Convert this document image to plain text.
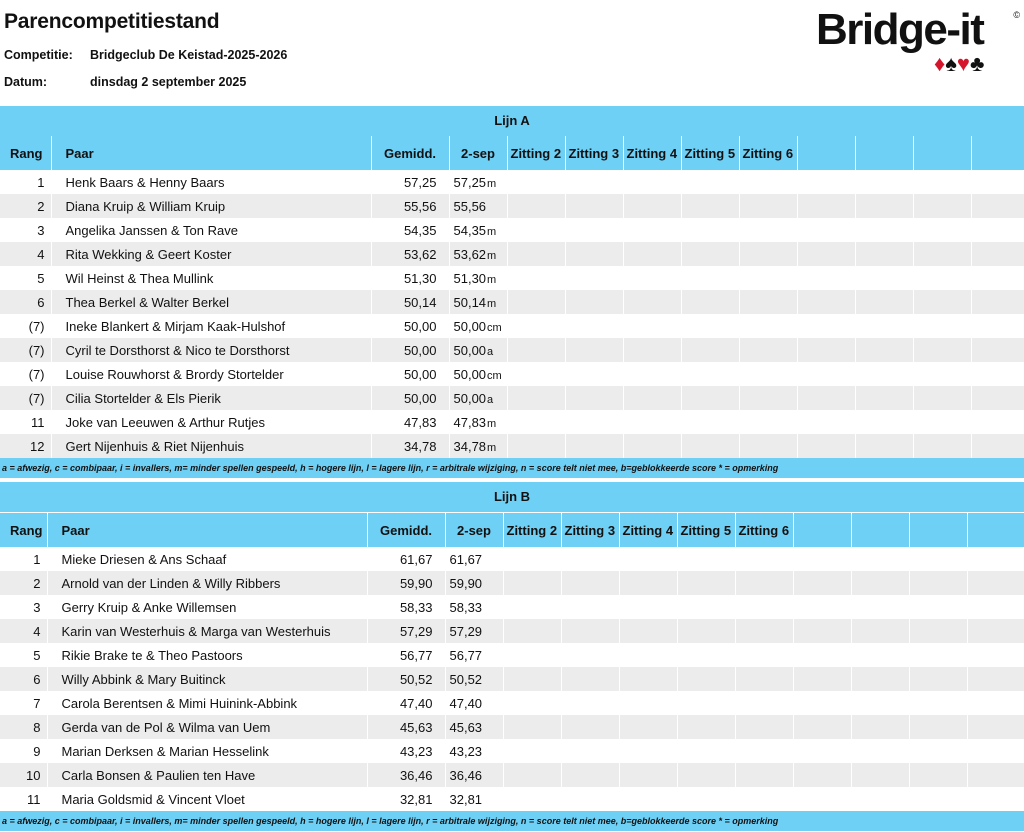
Parencompetitiestand
Competitie: Bridgeclub De Keistad-2025-2026
Datum:	dinsdag 2 september 2025
Bridge-it	©
♦♠♥♣
Lijn A
Rang	Paar	Gemidd.	2-sep	Zitting 2	Zitting 3	Zitting 4	Zitting 5	Zitting 6				
1	Henk Baars & Henny Baars	57,25	57,25m									
2	Diana Kruip & William Kruip	55,56	55,56									
3	Angelika Janssen & Ton Rave	54,35	54,35m									
4	Rita Wekking & Geert Koster	53,62	53,62m									
5	Wil Heinst & Thea Mullink	51,30	51,30m									
6	Thea Berkel & Walter Berkel	50,14	50,14m									
(7)	Ineke Blankert & Mirjam Kaak-Hulshof	50,00	50,00cm									
(7)	Cyril te Dorsthorst & Nico te Dorsthorst	50,00	50,00a									
(7)	Louise Rouwhorst & Brordy Stortelder	50,00	50,00cm									
(7)	Cilia Stortelder & Els Pierik	50,00	50,00a									
11	Joke van Leeuwen & Arthur Rutjes	47,83	47,83m									
12	Gert Nijenhuis & Riet Nijenhuis	34,78	34,78m									
a = afwezig, c = combipaar, i = invallers, m= minder spellen gespeeld, h = hogere lijn, l = lagere lijn, r = arbitrale wijziging, n = score telt niet mee, b=geblokkeerde score * = opmerking
Lijn B
Rang	Paar	Gemidd.	2-sep	Zitting 2	Zitting 3	Zitting 4	Zitting 5	Zitting 6				
1	Mieke Driesen & Ans Schaaf	61,67	61,67									
2	Arnold van der Linden & Willy Ribbers	59,90	59,90									
3	Gerry Kruip & Anke Willemsen	58,33	58,33									
4	Karin van Westerhuis & Marga van Westerhuis	57,29	57,29									
5	Rikie Brake te & Theo Pastoors	56,77	56,77									
6	Willy Abbink & Mary Buitinck	50,52	50,52									
7	Carola Berentsen & Mimi Huinink-Abbink	47,40	47,40									
8	Gerda van de Pol & Wilma van Uem	45,63	45,63									
9	Marian Derksen & Marian Hesselink	43,23	43,23									
10	Carla Bonsen & Paulien ten Have	36,46	36,46									
11	Maria Goldsmid & Vincent Vloet	32,81	32,81									
a = afwezig, c = combipaar, i = invallers, m= minder spellen gespeeld, h = hogere lijn, l = lagere lijn, r = arbitrale wijziging, n = score telt niet mee, b=geblokkeerde score * = opmerking
